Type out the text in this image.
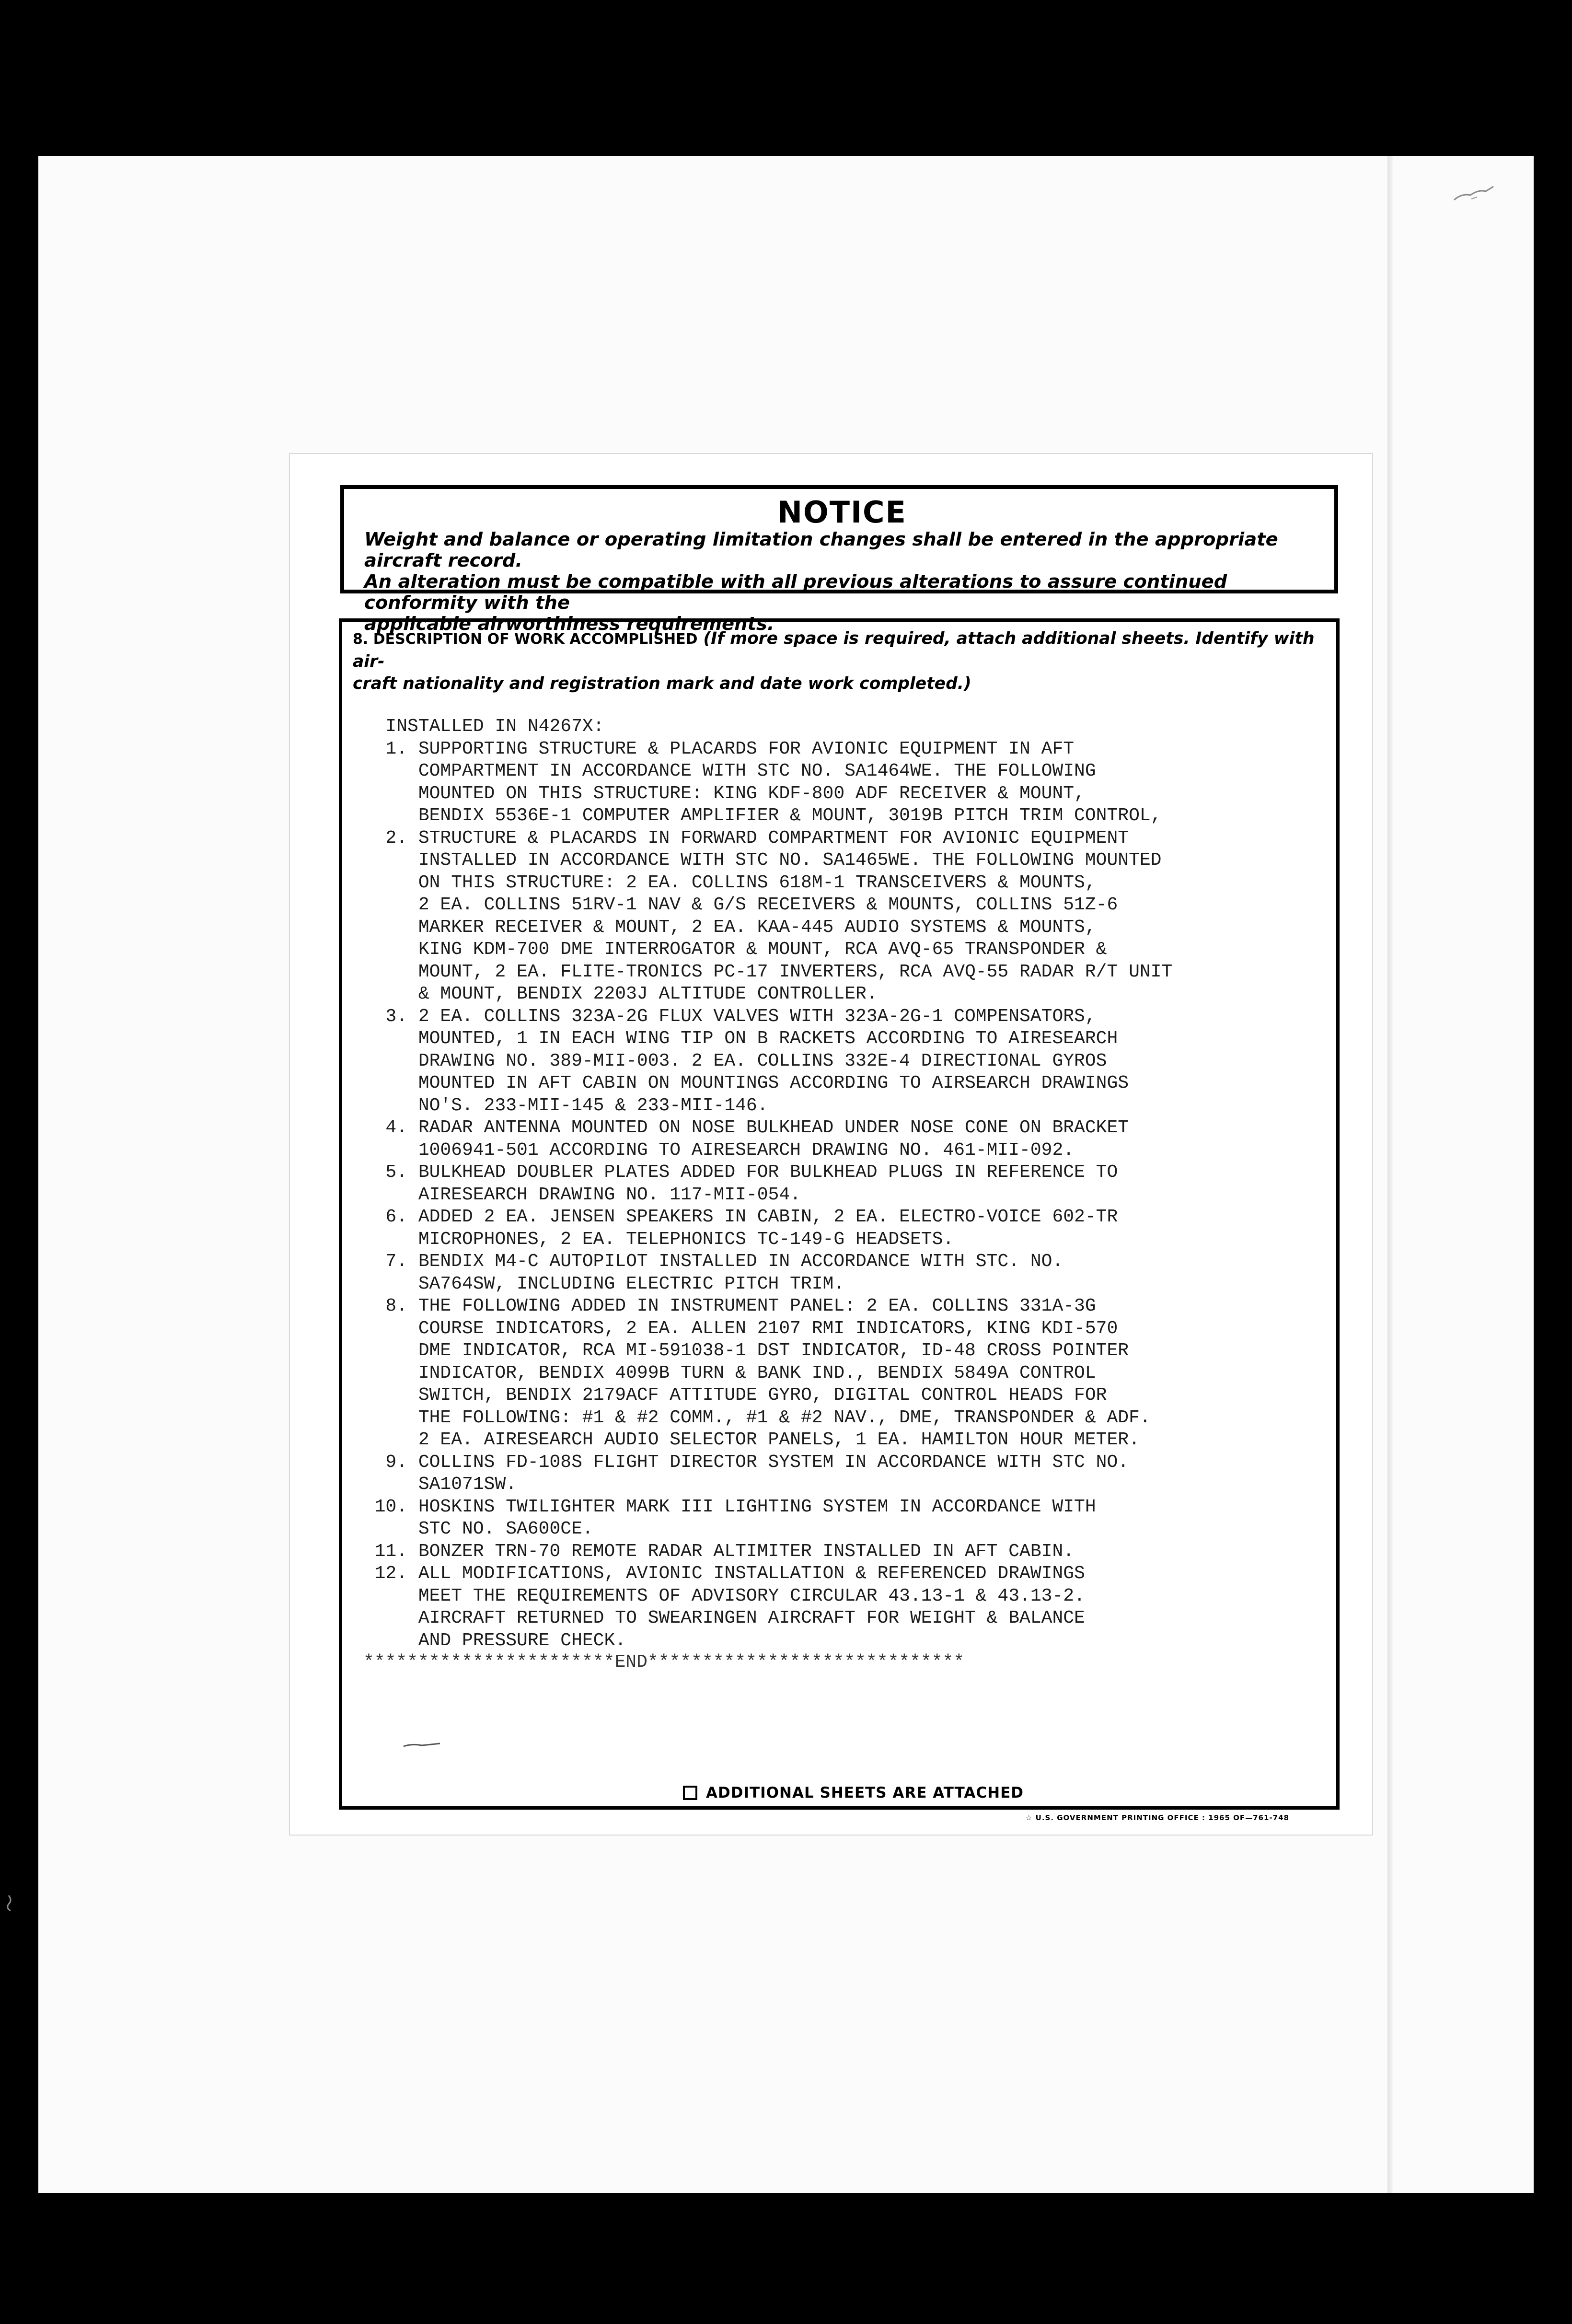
NOTICE
Weight and balance or operating limitation changes shall be entered in the appropriate aircraft record.
An alteration must be compatible with all previous alterations to assure continued conformity with the
applicable airworthiness requirements.
8. DESCRIPTION OF WORK ACCOMPLISHED (If more space is required, attach additional sheets. Identify with air-
craft nationality and registration mark and date work completed.)
INSTALLED IN N4267X:
1. SUPPORTING STRUCTURE & PLACARDS FOR AVIONIC EQUIPMENT IN AFT
COMPARTMENT IN ACCORDANCE WITH STC NO. SA1464WE. THE FOLLOWING
MOUNTED ON THIS STRUCTURE: KING KDF-800 ADF RECEIVER & MOUNT,
BENDIX 5536E-1 COMPUTER AMPLIFIER & MOUNT, 3019B PITCH TRIM CONTROL,
2. STRUCTURE & PLACARDS IN FORWARD COMPARTMENT FOR AVIONIC EQUIPMENT
INSTALLED IN ACCORDANCE WITH STC NO. SA1465WE. THE FOLLOWING MOUNTED
ON THIS STRUCTURE: 2 EA. COLLINS 618M-1 TRANSCEIVERS & MOUNTS,
2 EA. COLLINS 51RV-1 NAV & G/S RECEIVERS & MOUNTS, COLLINS 51Z-6
MARKER RECEIVER & MOUNT, 2 EA. KAA-445 AUDIO SYSTEMS & MOUNTS,
KING KDM-700 DME INTERROGATOR & MOUNT, RCA AVQ-65 TRANSPONDER &
MOUNT, 2 EA. FLITE-TRONICS PC-17 INVERTERS, RCA AVQ-55 RADAR R/T UNIT
& MOUNT, BENDIX 2203J ALTITUDE CONTROLLER.
3. 2 EA. COLLINS 323A-2G FLUX VALVES WITH 323A-2G-1 COMPENSATORS,
MOUNTED, 1 IN EACH WING TIP ON B RACKETS ACCORDING TO AIRESEARCH
DRAWING NO. 389-MII-003. 2 EA. COLLINS 332E-4 DIRECTIONAL GYROS
MOUNTED IN AFT CABIN ON MOUNTINGS ACCORDING TO AIRSEARCH DRAWINGS
NO'S. 233-MII-145 & 233-MII-146.
4. RADAR ANTENNA MOUNTED ON NOSE BULKHEAD UNDER NOSE CONE ON BRACKET
1006941-501 ACCORDING TO AIRESEARCH DRAWING NO. 461-MII-092.
5. BULKHEAD DOUBLER PLATES ADDED FOR BULKHEAD PLUGS IN REFERENCE TO
AIRESEARCH DRAWING NO. 117-MII-054.
6. ADDED 2 EA. JENSEN SPEAKERS IN CABIN, 2 EA. ELECTRO-VOICE 602-TR
MICROPHONES, 2 EA. TELEPHONICS TC-149-G HEADSETS.
7. BENDIX M4-C AUTOPILOT INSTALLED IN ACCORDANCE WITH STC. NO.
SA764SW, INCLUDING ELECTRIC PITCH TRIM.
8. THE FOLLOWING ADDED IN INSTRUMENT PANEL: 2 EA. COLLINS 331A-3G
COURSE INDICATORS, 2 EA. ALLEN 2107 RMI INDICATORS, KING KDI-570
DME INDICATOR, RCA MI-591038-1 DST INDICATOR, ID-48 CROSS POINTER
INDICATOR, BENDIX 4099B TURN & BANK IND., BENDIX 5849A CONTROL
SWITCH, BENDIX 2179ACF ATTITUDE GYRO, DIGITAL CONTROL HEADS FOR
THE FOLLOWING: #1 & #2 COMM., #1 & #2 NAV., DME, TRANSPONDER & ADF.
2 EA. AIRESEARCH AUDIO SELECTOR PANELS, 1 EA. HAMILTON HOUR METER.
9. COLLINS FD-108S FLIGHT DIRECTOR SYSTEM IN ACCORDANCE WITH STC NO.
SA1071SW.
10. HOSKINS TWILIGHTER MARK III LIGHTING SYSTEM IN ACCORDANCE WITH
STC NO. SA600CE.
11. BONZER TRN-70 REMOTE RADAR ALTIMITER INSTALLED IN AFT CABIN.
12. ALL MODIFICATIONS, AVIONIC INSTALLATION & REFERENCED DRAWINGS
MEET THE REQUIREMENTS OF ADVISORY CIRCULAR 43.13-1 & 43.13-2.
AIRCRAFT RETURNED TO SWEARINGEN AIRCRAFT FOR WEIGHT & BALANCE
AND PRESSURE CHECK.
***********************END*****************************
ADDITIONAL SHEETS ARE ATTACHED
☆ U.S. GOVERNMENT PRINTING OFFICE : 1965 OF—761-748
